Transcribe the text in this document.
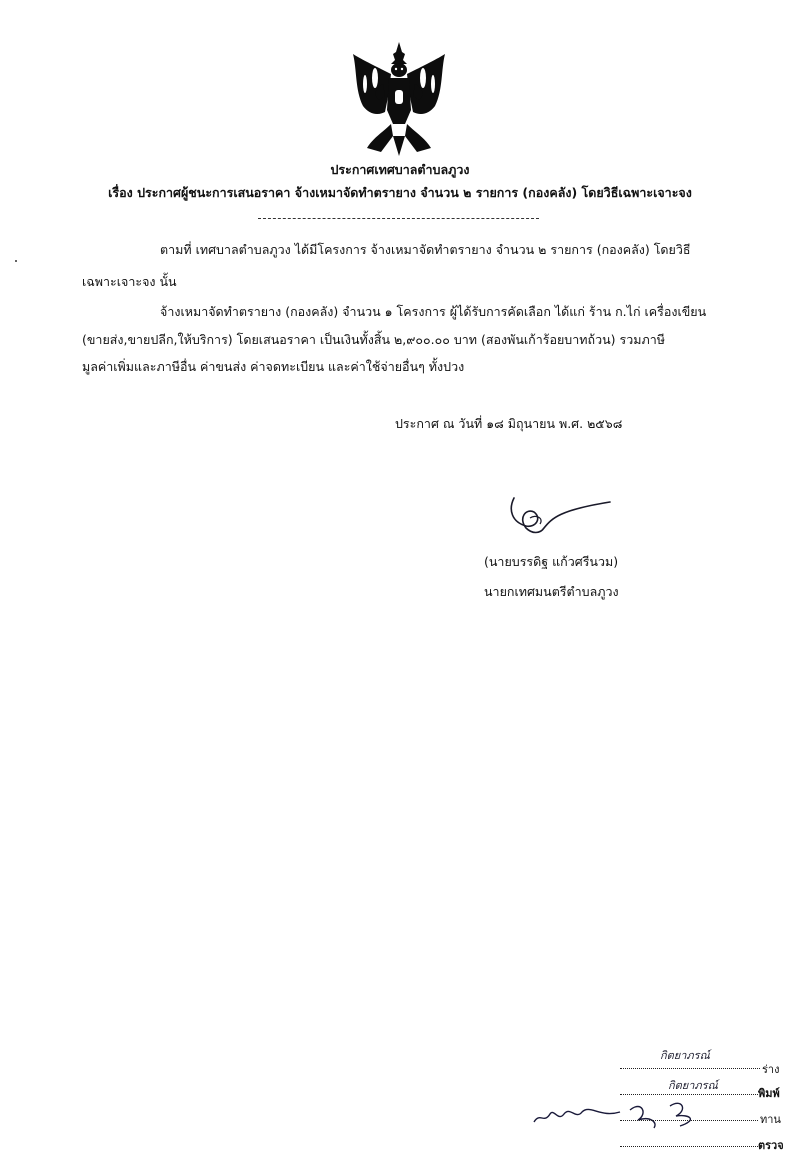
ประกาศเทศบาลตำบลภูวง
เรื่อง ประกาศผู้ชนะการเสนอราคา จ้างเหมาจัดทำตรายาง จำนวน ๒ รายการ (กองคลัง) โดยวิธีเฉพาะเจาะจง
ตามที่ เทศบาลตำบลภูวง ได้มีโครงการ จ้างเหมาจัดทำตรายาง จำนวน ๒ รายการ (กองคลัง) โดยวิธี
เฉพาะเจาะจง นั้น
จ้างเหมาจัดทำตรายาง (กองคลัง) จำนวน ๑ โครงการ ผู้ได้รับการคัดเลือก ได้แก่ ร้าน ก.ไก่ เครื่องเขียน
(ขายส่ง,ขายปลีก,ให้บริการ) โดยเสนอราคา เป็นเงินทั้งสิ้น ๒,๙๐๐.๐๐ บาท (สองพันเก้าร้อยบาทถ้วน) รวมภาษี
มูลค่าเพิ่มและภาษีอื่น ค่าขนส่ง ค่าจดทะเบียน และค่าใช้จ่ายอื่นๆ ทั้งปวง
ประกาศ ณ วันที่ ๑๘ มิถุนายน พ.ศ. ๒๕๖๘
(นายบรรดิฐ แก้วศรีนวม)
นายกเทศมนตรีตำบลภูวง
กิตยาภรณ์
ร่าง
กิตยาภรณ์
พิมพ์
ทาน
ตรวจ
